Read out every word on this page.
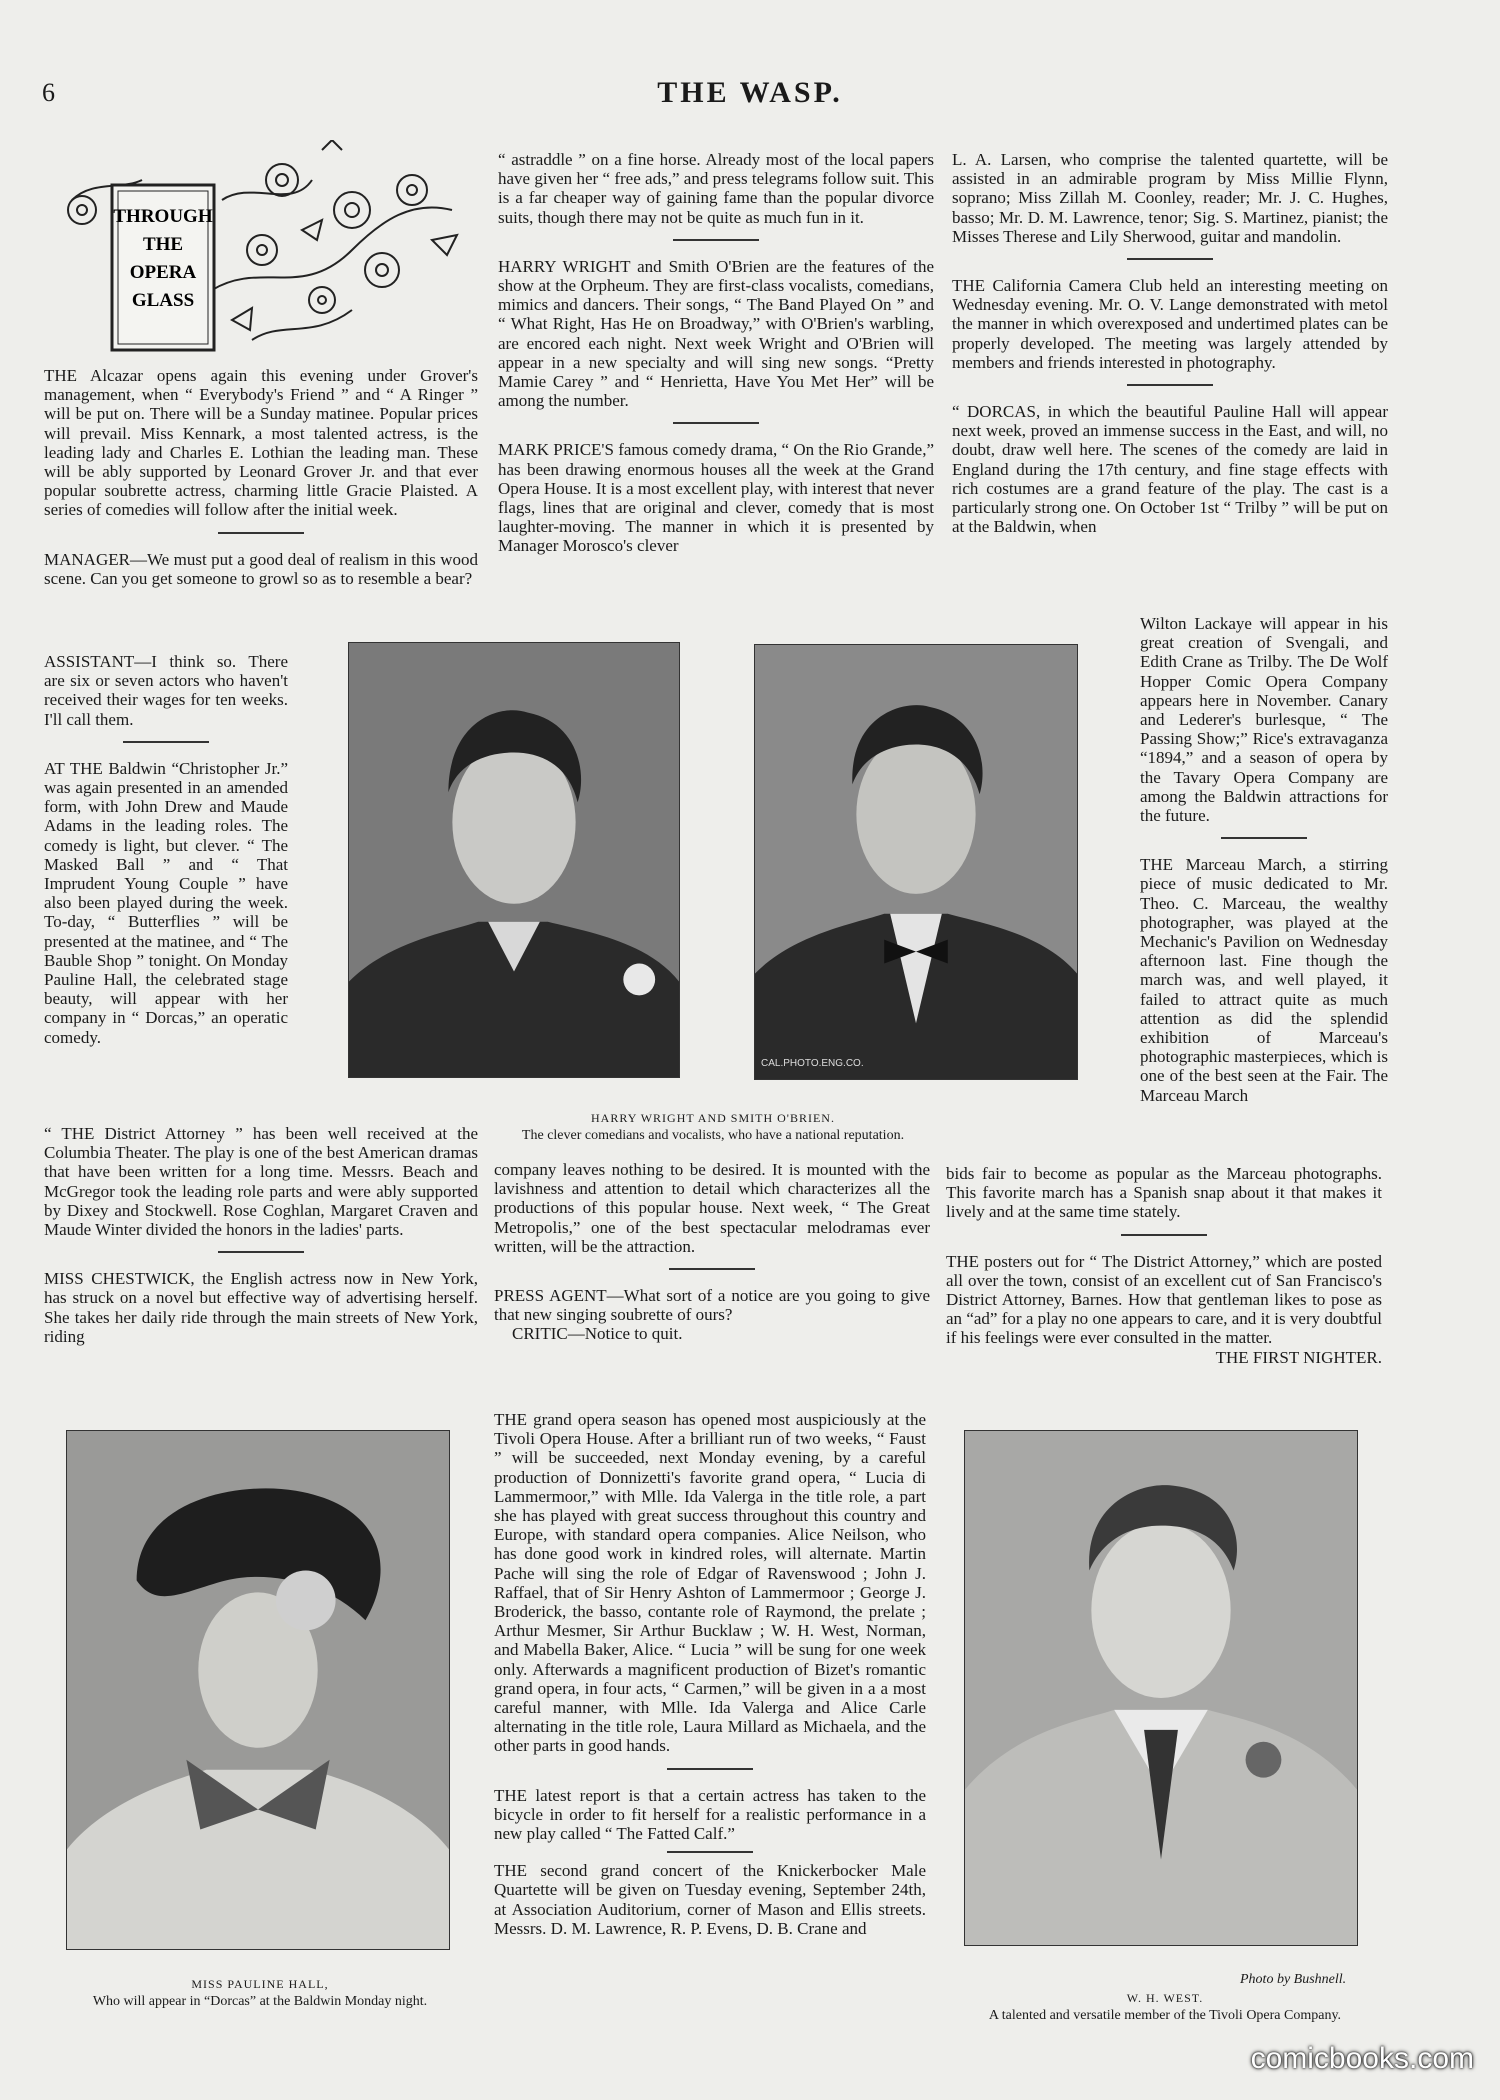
6	THE WASP.
THROUGH
THE
OPERA
GLASS

THE Alcazar opens again this evening under Grover's management, when “ Everybody's Friend ” and “ A Ringer ” will be put on. There will be a Sunday matinee. Popular prices will prevail. Miss Kennark, a most talented actress, is the leading lady and Charles E. Lothian the leading man. These will be ably supported by Leonard Grover Jr. and that ever popular soubrette actress, charming little Gracie Plaisted. A series of comedies will follow after the initial week.

MANAGER—We must put a good deal of realism in this wood scene. Can you get someone to growl so as to resemble a bear?

ASSISTANT—I think so. There are six or seven actors who haven't received their wages for ten weeks. I'll call them.

AT THE Baldwin “Christopher Jr.” was again presented in an amended form, with John Drew and Maude Adams in the leading roles. The comedy is light, but clever. “ The Masked Ball ” and “ That Imprudent Young Couple ” have also been played during the week. To-day, “ Butterflies ” will be presented at the matinee, and “ The Bauble Shop ” tonight. On Monday Pauline Hall, the celebrated stage beauty, will appear with her company in “ Dorcas,” an operatic comedy.

“ THE District Attorney ” has been well received at the Columbia Theater. The play is one of the best American dramas that have been written for a long time. Messrs. Beach and McGregor took the leading role parts and were ably supported by Dixey and Stockwell. Rose Coghlan, Margaret Craven and Maude Winter divided the honors in the ladies' parts.

MISS CHESTWICK, the English actress now in New York, has struck on a novel but effective way of advertising herself. She takes her daily ride through the main streets of New York, riding

“ astraddle ” on a fine horse. Already most of the local papers have given her “ free ads,” and press telegrams follow suit. This is a far cheaper way of gaining fame than the popular divorce suits, though there may not be quite as much fun in it.

HARRY WRIGHT and Smith O'Brien are the features of the show at the Orpheum. They are first-class vocalists, comedians, mimics and dancers. Their songs, “ The Band Played On ” and “ What Right, Has He on Broadway,” with O'Brien's warbling, are encored each night. Next week Wright and O'Brien will appear in a new specialty and will sing new songs. “Pretty Mamie Carey ” and “ Henrietta, Have You Met Her” will be among the number.

MARK PRICE'S famous comedy drama, “ On the Rio Grande,” has been drawing enormous houses all the week at the Grand Opera House. It is a most excellent play, with interest that never flags, lines that are original and clever, comedy that is most laughter-moving. The manner in which it is presented by Manager Morosco's clever

company leaves nothing to be desired. It is mounted with the lavishness and attention to detail which characterizes all the productions of this popular house. Next week, “ The Great Metropolis,” one of the best spectacular melodramas ever written, will be the attraction.

PRESS AGENT—What sort of a notice are you going to give that new singing soubrette of ours?

CRITIC—Notice to quit.

THE grand opera season has opened most auspiciously at the Tivoli Opera House. After a brilliant run of two weeks, “ Faust ” will be succeeded, next Monday evening, by a careful production of Donnizetti's favorite grand opera, “ Lucia di Lammermoor,” with Mlle. Ida Valerga in the title role, a part she has played with great success throughout this country and Europe, with standard opera companies. Alice Neilson, who has done good work in kindred roles, will alternate. Martin Pache will sing the role of Edgar of Ravenswood ; John J. Raffael, that of Sir Henry Ashton of Lammermoor ; George J. Broderick, the basso, contante role of Raymond, the prelate ; Arthur Mesmer, Sir Arthur Bucklaw ; W. H. West, Norman, and Mabella Baker, Alice. “ Lucia ” will be sung for one week only. Afterwards a magnificent production of Bizet's romantic grand opera, in four acts, “ Carmen,” will be given in a a most careful manner, with Mlle. Ida Valerga and Alice Carle alternating in the title role, Laura Millard as Michaela, and the other parts in good hands.

THE latest report is that a certain actress has taken to the bicycle in order to fit herself for a realistic performance in a new play called “ The Fatted Calf.”

THE second grand concert of the Knickerbocker Male Quartette will be given on Tuesday evening, September 24th, at Association Auditorium, corner of Mason and Ellis streets. Messrs. D. M. Lawrence, R. P. Evens, D. B. Crane and

L. A. Larsen, who comprise the talented quartette, will be assisted in an admirable program by Miss Millie Flynn, soprano; Miss Zillah M. Coonley, reader; Mr. J. C. Hughes, basso; Mr. D. M. Lawrence, tenor; Sig. S. Martinez, pianist; the Misses Therese and Lily Sherwood, guitar and mandolin.

THE California Camera Club held an interesting meeting on Wednesday evening. Mr. O. V. Lange demonstrated with metol the manner in which overexposed and undertimed plates can be properly developed. The meeting was largely attended by members and friends interested in photography.

“ DORCAS, in which the beautiful Pauline Hall will appear next week, proved an immense success in the East, and will, no doubt, draw well here. The scenes of the comedy are laid in England during the 17th century, and fine stage effects with rich costumes are a grand feature of the play. The cast is a particularly strong one. On October 1st “ Trilby ” will be put on at the Baldwin, when

Wilton Lackaye will appear in his great creation of Svengali, and Edith Crane as Trilby. The De Wolf Hopper Comic Opera Company appears here in November. Canary and Lederer's burlesque, “ The Passing Show;” Rice's extravaganza “1894,” and a season of opera by the Tavary Opera Company are among the Baldwin attractions for the future.

THE Marceau March, a stirring piece of music dedicated to Mr. Theo. C. Marceau, the wealthy photographer, was played at the Mechanic's Pavilion on Wednesday afternoon last. Fine though the march was, and well played, it failed to attract quite as much attention as did the splendid exhibition of Marceau's photographic masterpieces, which is one of the best seen at the Fair. The Marceau March

bids fair to become as popular as the Marceau photographs. This favorite march has a Spanish snap about it that makes it lively and at the same time stately.

THE posters out for “ The District Attorney,” which are posted all over the town, consist of an excellent cut of San Francisco's District Attorney, Barnes. How that gentleman likes to pose as an “ad” for a play no one appears to care, and it is very doubtful if his feelings were ever consulted in the matter.

THE FIRST NIGHTER.

CAL.PHOTO.ENG.CO.
HARRY WRIGHT AND SMITH O'BRIEN.
The clever comedians and vocalists, who have a national reputation.
MISS PAULINE HALL,
Who will appear in “Dorcas” at the Baldwin Monday night.
Photo by Bushnell.
W. H. WEST.
A talented and versatile member of the Tivoli Opera Company.
comicbooks.com
